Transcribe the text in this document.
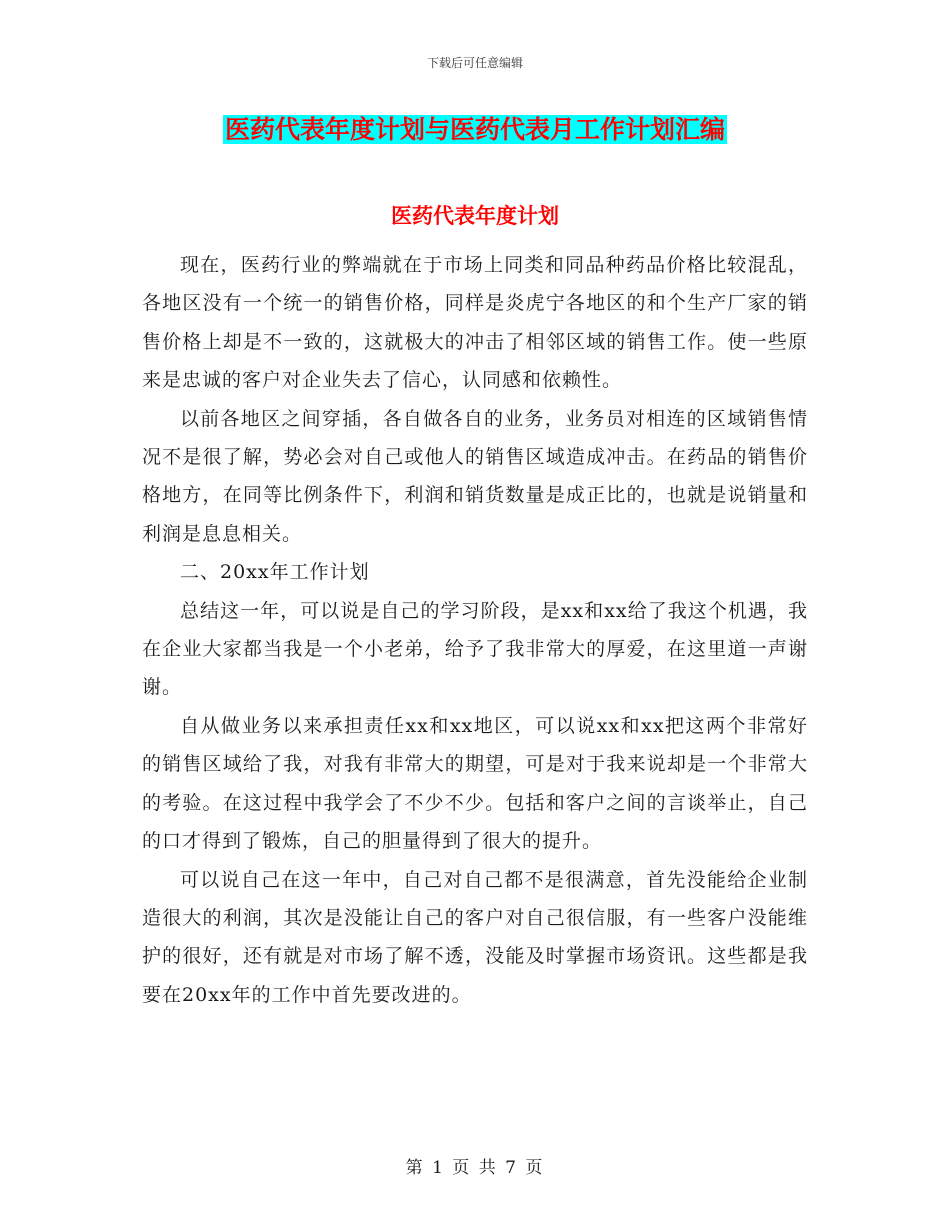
下载后可任意编辑
医药代表年度计划与医药代表月工作计划汇编
医药代表年度计划

现在，医药行业的弊端就在于市场上同类和同品种药品价格比较混乱，各地区没有一个统一的销售价格，同样是炎虎宁各地区的和个生产厂家的销售价格上却是不一致的，这就极大的冲击了相邻区域的销售工作。使一些原来是忠诚的客户对企业失去了信心，认同感和依赖性。

以前各地区之间穿插，各自做各自的业务，业务员对相连的区域销售情况不是很了解，势必会对自己或他人的销售区域造成冲击。在药品的销售价格地方，在同等比例条件下，利润和销货数量是成正比的，也就是说销量和利润是息息相关。

二、20xx年工作计划

总结这一年，可以说是自己的学习阶段，是xx和xx给了我这个机遇，我在企业大家都当我是一个小老弟，给予了我非常大的厚爱，在这里道一声谢谢。

自从做业务以来承担责任xx和xx地区，可以说xx和xx把这两个非常好的销售区域给了我，对我有非常大的期望，可是对于我来说却是一个非常大的考验。在这过程中我学会了不少不少。包括和客户之间的言谈举止，自己的口才得到了锻炼，自己的胆量得到了很大的提升。

可以说自己在这一年中，自己对自己都不是很满意，首先没能给企业制造很大的利润，其次是没能让自己的客户对自己很信服，有一些客户没能维护的很好，还有就是对市场了解不透，没能及时掌握市场资讯。这些都是我要在20xx年的工作中首先要改进的。

第 1 页 共 7 页
